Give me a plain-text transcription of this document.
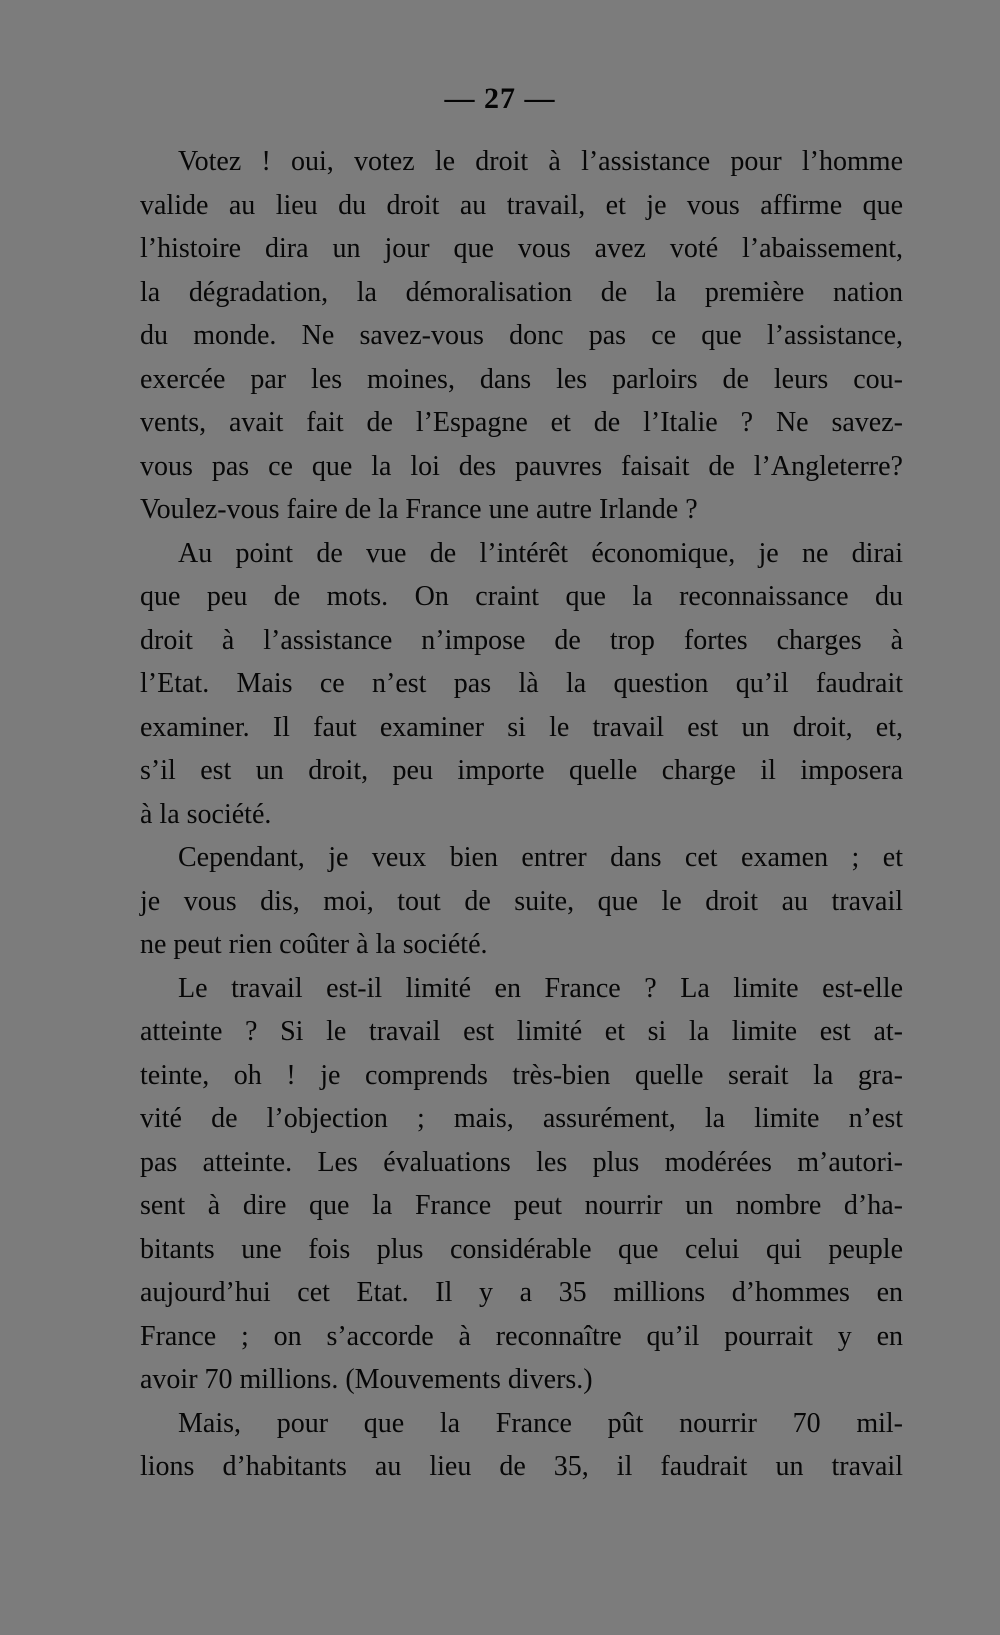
— 27 —
Votez ! oui, votez le droit à l’assistance pour l’homme
valide au lieu du droit au travail, et je vous affirme que
l’histoire dira un jour que vous avez voté l’abaissement,
la dégradation, la démoralisation de la première nation
du monde. Ne savez-vous donc pas ce que l’assistance,
exercée par les moines, dans les parloirs de leurs cou-
vents, avait fait de l’Espagne et de l’Italie ? Ne savez-
vous pas ce que la loi des pauvres faisait de l’Angleterre?
Voulez-vous faire de la France une autre Irlande ?
Au point de vue de l’intérêt économique, je ne dirai
que peu de mots. On craint que la reconnaissance du
droit à l’assistance n’impose de trop fortes charges à
l’Etat. Mais ce n’est pas là la question qu’il faudrait
examiner. Il faut examiner si le travail est un droit, et,
s’il est un droit, peu importe quelle charge il imposera
à la société.
Cependant, je veux bien entrer dans cet examen ; et
je vous dis, moi, tout de suite, que le droit au travail
ne peut rien coûter à la société.
Le travail est-il limité en France ? La limite est-elle
atteinte ? Si le travail est limité et si la limite est at-
teinte, oh ! je comprends très-bien quelle serait la gra-
vité de l’objection ; mais, assurément, la limite n’est
pas atteinte. Les évaluations les plus modérées m’autori-
sent à dire que la France peut nourrir un nombre d’ha-
bitants une fois plus considérable que celui qui peuple
aujourd’hui cet Etat. Il y a 35 millions d’hommes en
France ; on s’accorde à reconnaître qu’il pourrait y en
avoir 70 millions. (Mouvements divers.)
Mais, pour que la France pût nourrir 70 mil-
lions d’habitants au lieu de 35, il faudrait un travail
